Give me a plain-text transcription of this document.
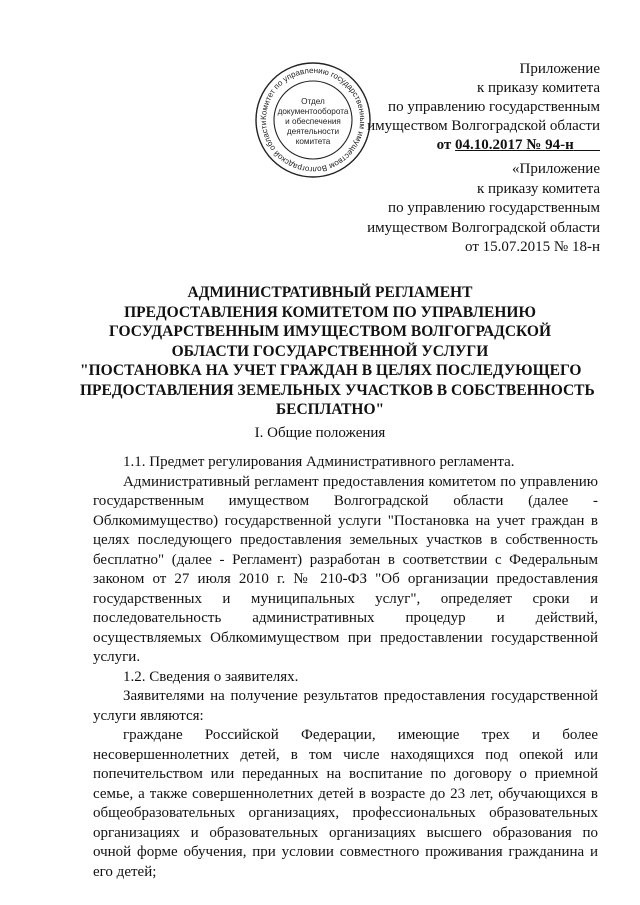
Комитет по управлению государственным имуществом Волгоградской области
Отдел
документооборота
и обеспечения
деятельности
комитета
Приложение
к приказу комитета
по управлению государственным
имуществом Волгоградской области
от 04.10.2017 № 94-н
«Приложение
к приказу комитета
по управлению государственным
имуществом Волгоградской области
от 15.07.2015 № 18-н
АДМИНИСТРАТИВНЫЙ РЕГЛАМЕНТ
ПРЕДОСТАВЛЕНИЯ КОМИТЕТОМ ПО УПРАВЛЕНИЮ
ГОСУДАРСТВЕННЫМ ИМУЩЕСТВОМ ВОЛГОГРАДСКОЙ
ОБЛАСТИ ГОСУДАРСТВЕННОЙ УСЛУГИ
"ПОСТАНОВКА НА УЧЕТ ГРАЖДАН В ЦЕЛЯХ ПОСЛЕДУЮЩЕГО
ПРЕДОСТАВЛЕНИЯ ЗЕМЕЛЬНЫХ УЧАСТКОВ В СОБСТВЕННОСТЬ
БЕСПЛАТНО"
I. Общие положения

1.1. Предмет регулирования Административного регламента.

Административный регламент предоставления комитетом по управлению государственным имуществом Волгоградской области (далее - Облкомимущество) государственной услуги "Постановка на учет граждан в целях последующего предоставления земельных участков в собственность бесплатно" (далее - Регламент) разработан в соответствии с Федеральным законом от 27 июля 2010 г. № 210-ФЗ "Об организации предоставления государственных и муниципальных услуг", определяет сроки и последовательность административных процедур и действий, осуществляемых Облкомимуществом при предоставлении государственной услуги.

1.2. Сведения о заявителях.

Заявителями на получение результатов предоставления государственной услуги являются:

граждане Российской Федерации, имеющие трех и более несовершеннолетних детей, в том числе находящихся под опекой или попечительством или переданных на воспитание по договору о приемной семье, а также совершеннолетних детей в возрасте до 23 лет, обучающихся в общеобразовательных организациях, профессиональных образовательных организациях и образовательных организациях высшего образования по очной форме обучения, при условии совместного проживания гражданина и его детей;
